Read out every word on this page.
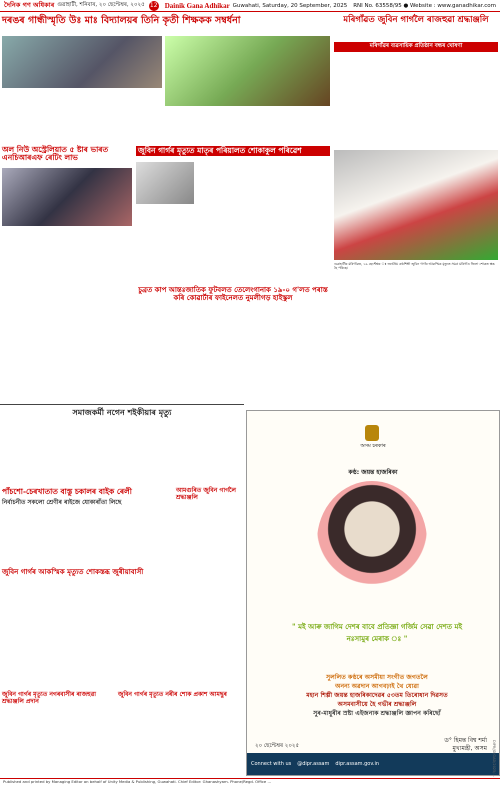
দৈনিক গণ অধিকাৰ গুৱাহাটী, শনিবাৰ, ২০ ছেপ্টেম্বৰ, ২০২৫ 12 Dainik Gana Adhikar Guwahati, Saturday, 20 September, 2025 RNI No. 63558/95 ● Website : www.ganadhikar.com
দৰঙৰ গান্ধীস্মৃতি উঃ মাঃ বিদ্যালয়ৰ তিনি কৃতী শিক্ষকক সম্বৰ্ধনা	মৰিগাঁৱত জুবিন গাৰ্গলৈ ৰাজহুৱা শ্ৰদ্ধাঞ্জলি
মৰিগাঁৱৰ ব্যৱসায়িক প্ৰতিষ্ঠান বন্ধৰ ঘোষণা
গুৱাহাটীৰ মৰিগাঁৱত, ১৯ ছেপ্টেম্বৰ ঃ জনপ্ৰিয় কণ্ঠশিল্পী জুবিন গাৰ্গৰ আকস্মিক মৃত্যুত সমগ্ৰ মৰিগাঁও জিলা শোকত স্তব্ধ হৈ পৰিছে।
অল নিউ অস্ট্ৰেলিয়াত ৫ ষ্টাৰ ভাৰত এনচিআৰএফ ৰেটিং লাভ
জুবিন গাৰ্গৰ মৃত্যুত মাতৃৰ পৰিয়ালত শোকাকুল পৰিৱেশ
চুব্ৰত কাপ আন্তঃজাতিক ফুটবলত তেলেংগানাক ১৯-০ গ'লত পৰাস্ত কৰি কোৱাৰ্টাৰ ফাইনেলত নুমলীগড় হাইস্কুল
সমাজকৰ্মী নগেন শইকীয়াৰ মৃত্যু
পাঁচশো-চেৰখাতাত বাস্তু চকালৰ বাইক ৰেলী
নিৰ্বাচনীত সকলো শ্ৰেণীৰ ৰাইজে যোকাৰাঁতা লিছে
আমগুৰিত জুবিন গাৰ্গলৈ শ্ৰদ্ধাঞ্জলি
জুবিন গাৰ্গৰ আকস্মিক মৃত্যুত শোকস্তব্ধ জুৰীয়াবাসী
জুবিন গাৰ্গৰ মৃত্যুত নগৰবাসীৰ ৰাজহুৱা শ্ৰদ্ধাঞ্জলি প্ৰদান
জুবিন গাৰ্গৰ মৃত্যুত নৰীৰ শোক প্ৰকাশ আমছুৰ
অসম চৰকাৰ
কণ্ঠ: জয়ন্ত হাজৰিকা
" মই আৰু জাগিম দেশৰ বাবে প্ৰতিজ্ঞা গৰ্জিম সেৱা দেশত মই নঃসামুৰ মেৰাক ঃ "
সুললিত কণ্ঠৰে অসমীয়া সংগীত জগতলৈ
অনন্য অৱদান আগবঢ়াই থৈ যোৱা
মহান শিল্পী জয়ন্ত হাজৰিকাদেৱৰ ৫৩তম তিৰোধান দিৱসত
অসমবাসীয়ে হৈ গভীৰ শ্ৰদ্ধাঞ্জলি
সুৰ-মাধুৰীৰ স্ৰষ্টা এইজনাক শ্ৰদ্ধাঞ্জলি জ্ঞাপন কৰিছোঁ
২০ ছেপ্টেম্বৰ ২০২৫
ড° হিমন্ত বিশ্ব শৰ্মা
মুখ্যমন্ত্ৰী, অসম
Connect with us @dipr.assam dipr.assam.gov.in	DIPR/JD/GAD/2025/...
Published and printed by Managing Editor on behalf of Unity Media & Publishing, Guwahati. Chief Editor: Ghanashyam. Phone/Regd. Office ...
